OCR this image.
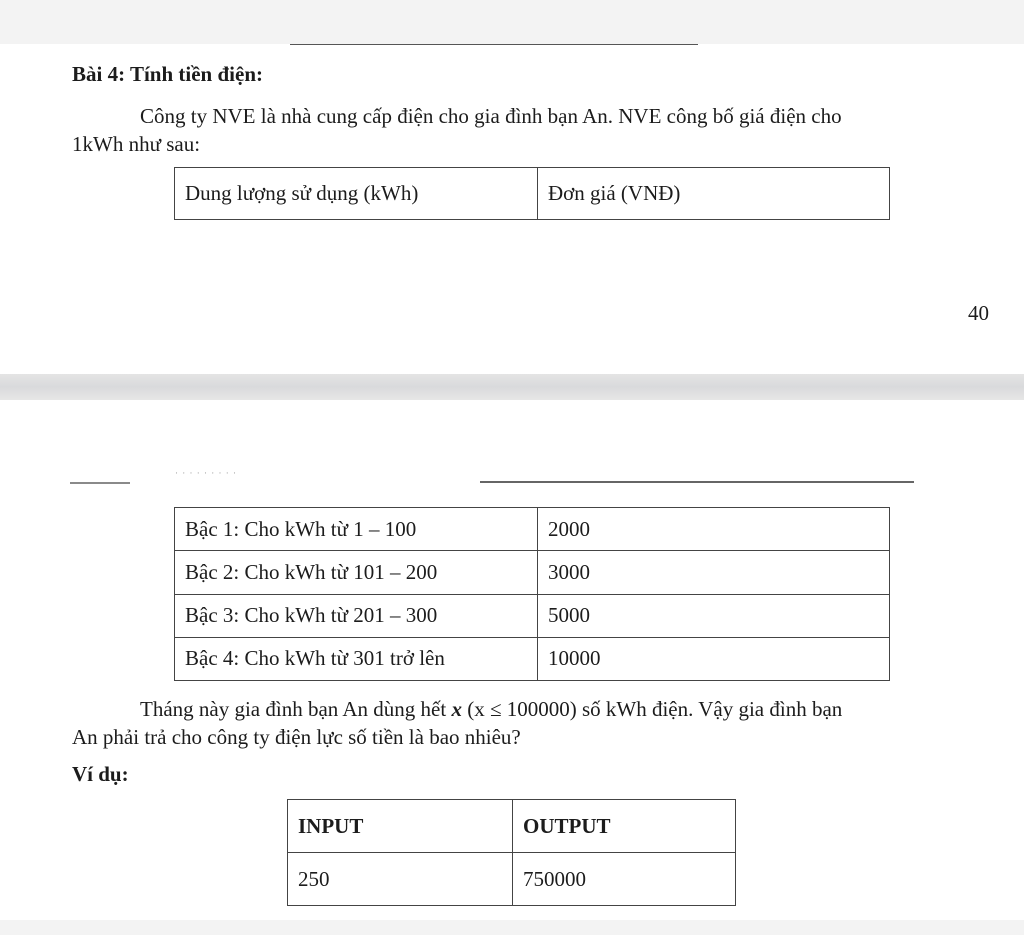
Bài 4: Tính tiền điện:
Công ty NVE là nhà cung cấp điện cho gia đình bạn An. NVE công bố giá điện cho
1kWh như sau:
Dung lượng sử dụng (kWh)	Đơn giá (VNĐ)
40
· · · · · · · · ·
Bậc 1: Cho kWh từ 1 – 100	2000
Bậc 2: Cho kWh từ 101 – 200	3000
Bậc 3: Cho kWh từ 201 – 300	5000
Bậc 4: Cho kWh từ 301 trở lên	10000
Tháng này gia đình bạn An dùng hết x (x ≤ 100000) số kWh điện. Vậy gia đình bạn
An phải trả cho công ty điện lực số tiền là bao nhiêu?
Ví dụ:
INPUT	OUTPUT
250	750000
